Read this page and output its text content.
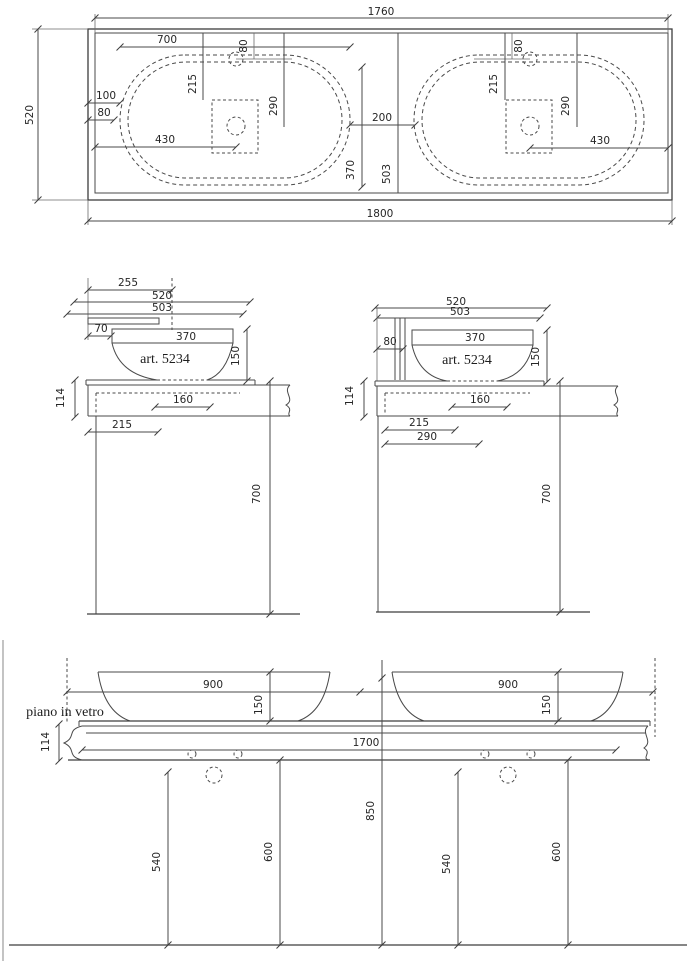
1760
1800
520
370 503
200
700	80
215
290
100
80
430
80
215
290
430
255
520
503
70
370
art. 5234	150
160
114
215
700
520
503
80	370
art. 5234	150
160
114
215
290
700
piano in vetro
900	900
150	150
1700
114
540	600
850
540
600
